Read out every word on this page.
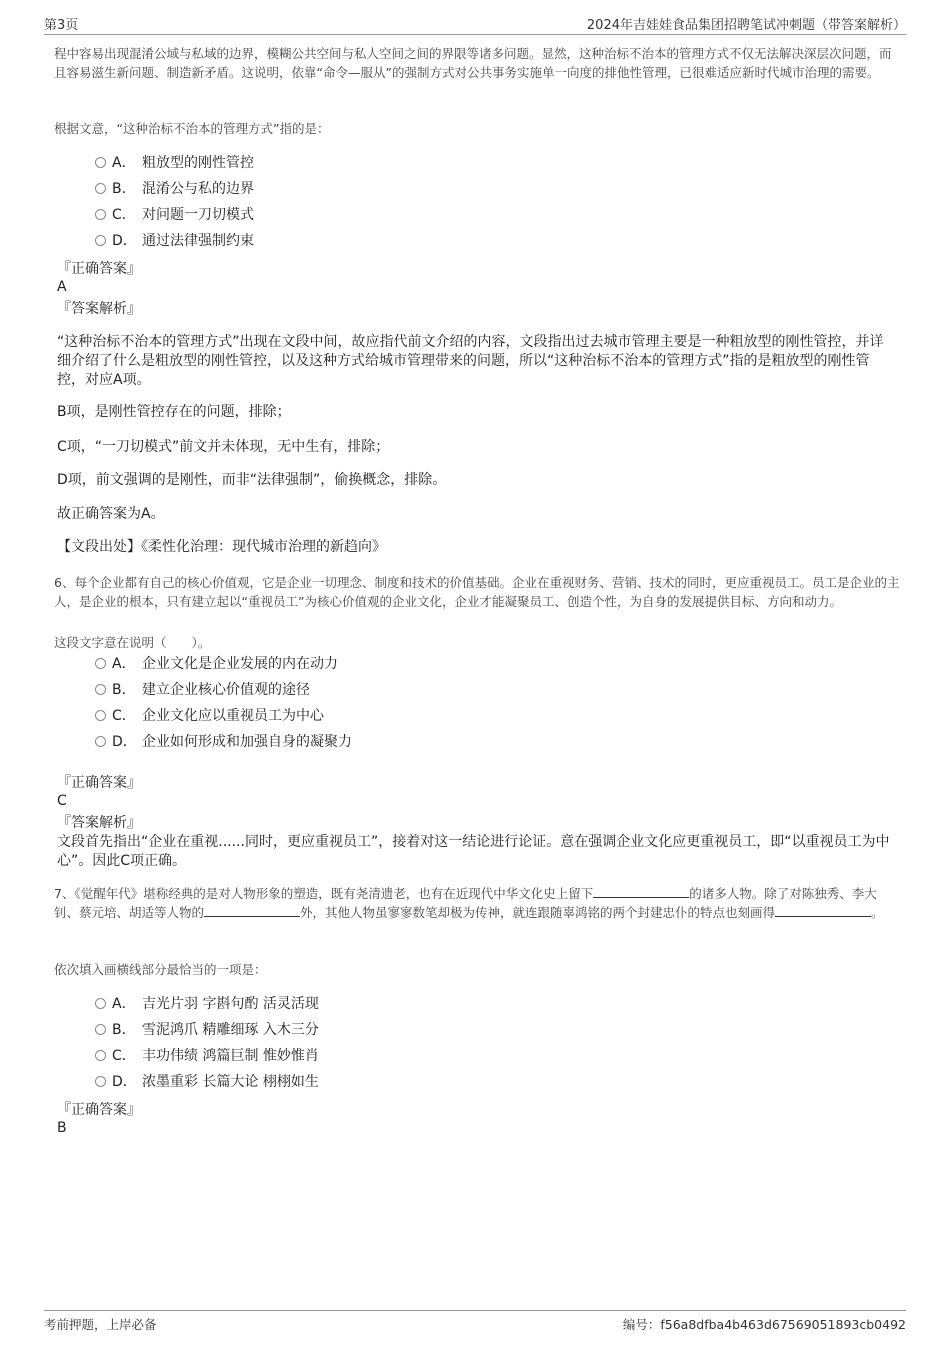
第3页	2024年吉娃娃食品集团招聘笔试冲刺题（带答案解析）
程中容易出现混淆公域与私域的边界，模糊公共空间与私人空间之间的界限等诸多问题。显然，这种治标不治本的管理方式不仅无法解决深层次问题，而且容易滋生新问题、制造新矛盾。这说明，依靠“命令—服从”的强制方式对公共事务实施单一向度的排他性管理，已很难适应新时代城市治理的需要。
根据文意，“这种治标不治本的管理方式”指的是：
A． 粗放型的刚性管控
B． 混淆公与私的边界
C． 对问题一刀切模式
D． 通过法律强制约束
『正确答案』
A
『答案解析』
“这种治标不治本的管理方式”出现在文段中间，故应指代前文介绍的内容，文段指出过去城市管理主要是一种粗放型的刚性管控，并详细介绍了什么是粗放型的刚性管控，以及这种方式给城市管理带来的问题，所以“这种治标不治本的管理方式”指的是粗放型的刚性管控，对应A项。
B项，是刚性管控存在的问题，排除；
C项，“一刀切模式”前文并未体现，无中生有，排除；
D项，前文强调的是刚性，而非“法律强制”，偷换概念，排除。
故正确答案为A。
【文段出处】《柔性化治理：现代城市治理的新趋向》
6、每个企业都有自己的核心价值观，它是企业一切理念、制度和技术的价值基础。企业在重视财务、营销、技术的同时，更应重视员工。员工是企业的主人，是企业的根本，只有建立起以“重视员工”为核心价值观的企业文化，企业才能凝聚员工、创造个性，为自身的发展提供目标、方向和动力。
这段文字意在说明（　　）。
A． 企业文化是企业发展的内在动力
B． 建立企业核心价值观的途径
C． 企业文化应以重视员工为中心
D． 企业如何形成和加强自身的凝聚力
『正确答案』
C
『答案解析』
文段首先指出“企业在重视......同时，更应重视员工”，接着对这一结论进行论证。意在强调企业文化应更重视员工，即“以重视员工为中心”。因此C项正确。
7、《觉醒年代》堪称经典的是对人物形象的塑造，既有尧清遗老，也有在近现代中华文化史上留下	的诸多人物。除了对陈独秀、李大钊、蔡元培、胡适等人物的	外，其他人物虽寥寥数笔却极为传神，就连跟随辜鸿铭的两个封建忠仆的特点也刻画得	。
依次填入画横线部分最恰当的一项是：
A． 吉光片羽 字斟句酌 活灵活现
B． 雪泥鸿爪 精雕细琢 入木三分
C． 丰功伟绩 鸿篇巨制 惟妙惟肖
D． 浓墨重彩 长篇大论 栩栩如生
『正确答案』
B
考前押题，上岸必备	编号：f56a8dfba4b463d67569051893cb0492
